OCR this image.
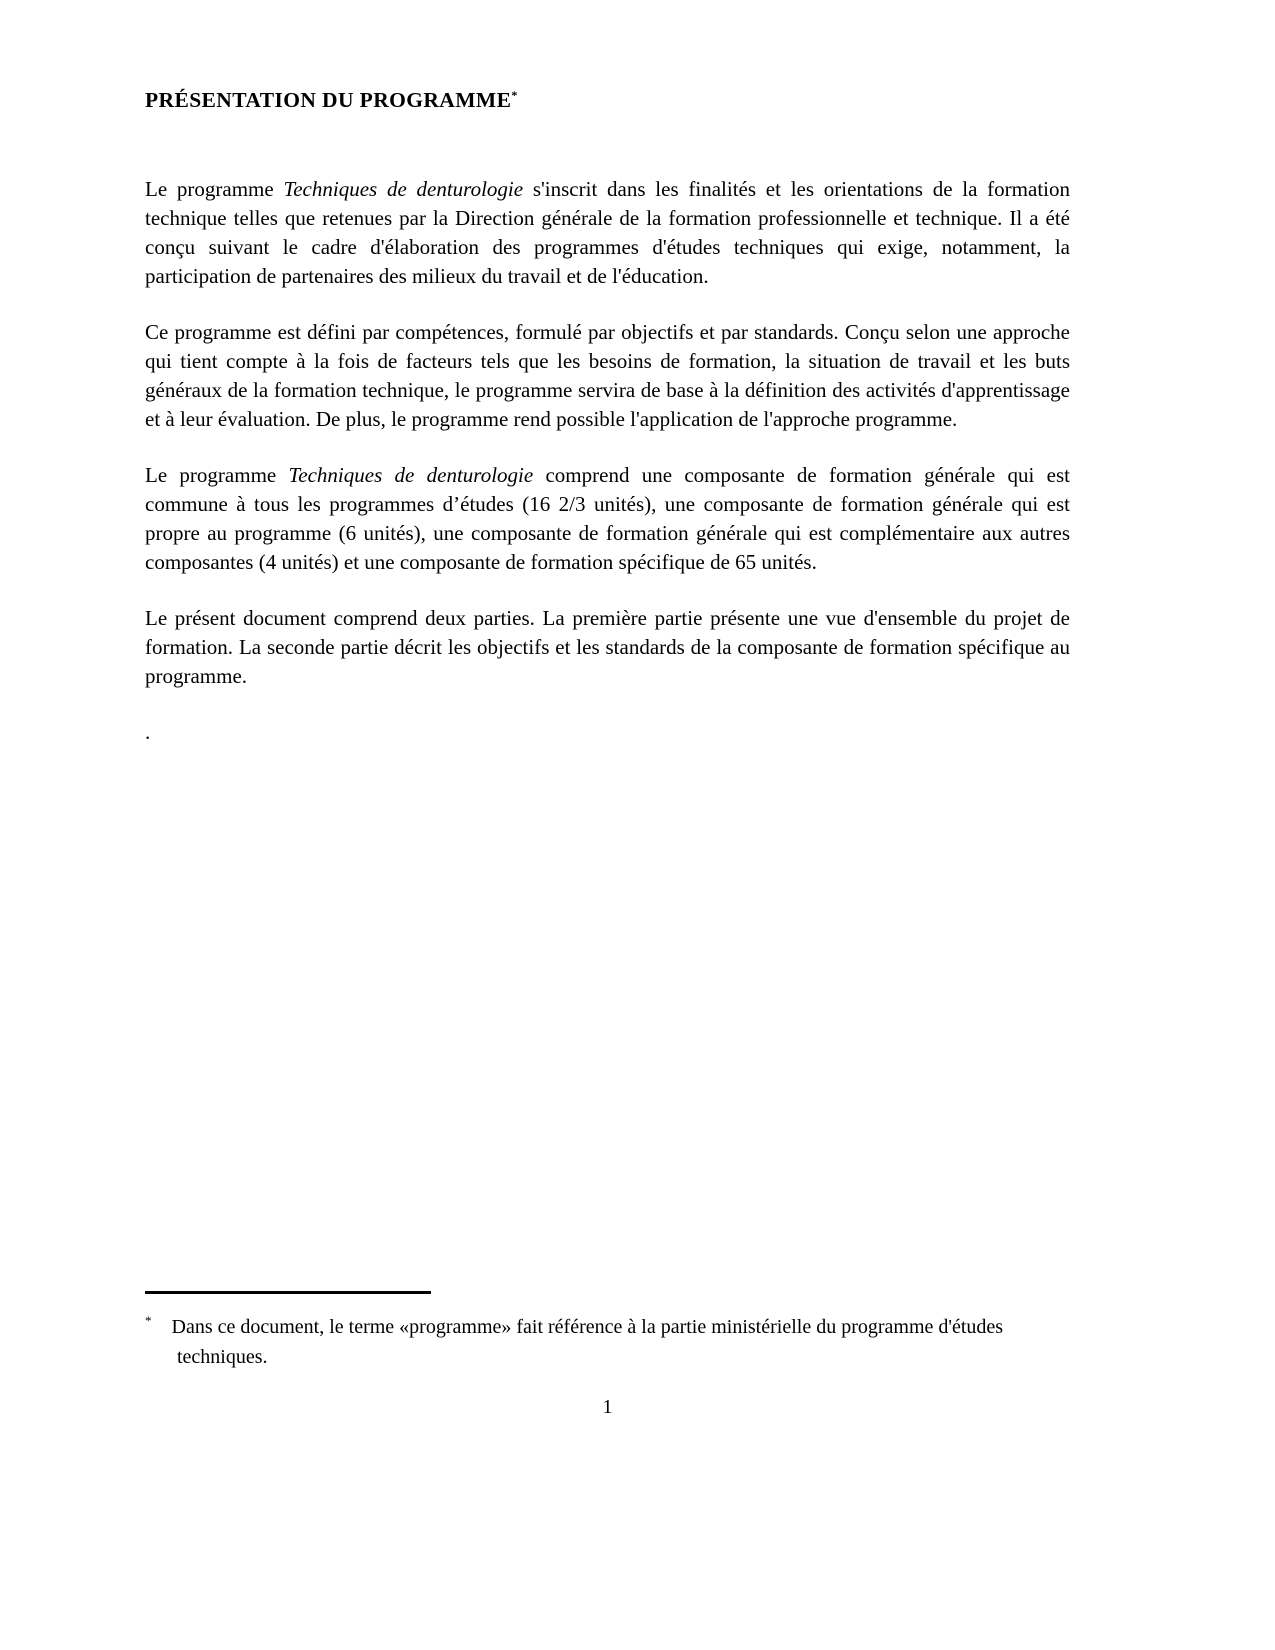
PRÉSENTATION DU PROGRAMME*

Le programme Techniques de denturologie s'inscrit dans les finalités et les orientations de la formation technique telles que retenues par la Direction générale de la formation professionnelle et technique. Il a été conçu suivant le cadre d'élaboration des programmes d'études techniques qui exige, notamment, la participation de partenaires des milieux du travail et de l'éducation.

Ce programme est défini par compétences, formulé par objectifs et par standards. Conçu selon une approche qui tient compte à la fois de facteurs tels que les besoins de formation, la situation de travail et les buts généraux de la formation technique, le programme servira de base à la définition des activités d'apprentissage et à leur évaluation. De plus, le programme rend possible l'application de l'approche programme.

Le programme Techniques de denturologie comprend une composante de formation générale qui est commune à tous les programmes d’études (16 2/3 unités), une composante de formation générale qui est propre au programme (6 unités), une composante de formation générale qui est complémentaire aux autres composantes (4 unités) et une composante de formation spécifique de 65 unités.

Le présent document comprend deux parties. La première partie présente une vue d'ensemble du projet de formation. La seconde partie décrit les objectifs et les standards de la composante de formation spécifique au programme.

.

* Dans ce document, le terme «programme» fait référence à la partie ministérielle du programme d'études techniques.
1
